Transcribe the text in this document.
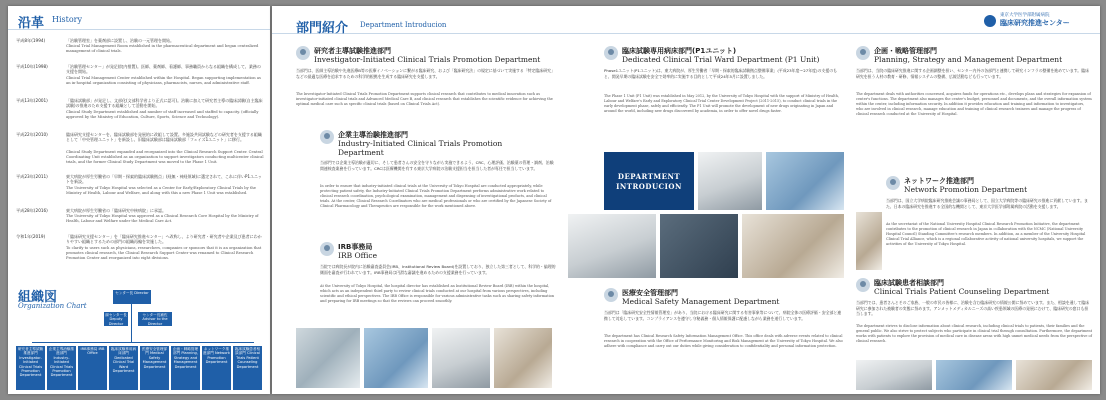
沿革 History
平成8年(1994)	「治験管理室」を薬剤部に設置し、治験の一元管理を開始。
Clinical Trial Management Room established in the pharmaceutical department and began centralized management of clinical trials.
平成10年(1998)	「治験管理センター」が発足(院内措置)。医師、薬剤師、看護師、事務職員からなる組織を構成して、業務の支援を開始。
Clinical Trial Management Center established within the Hospital. Began supporting implementation as an in-hospital organization consisting of physicians, pharmacists, nurses, and administrative staff.
平成13年(2001)	「臨床試験部」が発足し、文部化(文部科学省より正式に認可)。治験に加えて研究者主導の臨床試験(自主臨床試験)の推進のため支援する組織として活動を開始。
Clinical Study Department established and number of staff increased and staffed to capacity. (officially approved by the Ministry of Education, Culture, Sports, Science and Technology).
平成22年(2010)	臨床研究支援センターを、臨床試験部を発展的に改組して設置。多施設共同試験などの研究者を支援する組織として「中央管理ユニット」を新設し、旧臨床試験部は臨床試験部「フェイズ1ユニット」に移行。
Clinical Study Department expanded and reorganized into the Clinical Research Support Center. Central Coordinating Unit established as an organization to support investigators conducting multicenter clinical trials, and the former Clinical Study Department was moved to the Phase 1 Unit.
平成23年(2011)	東大病院が厚生労働省の「早期・探索的臨床試験拠点」(経無・神経領域)に選定されて、これに伴いP1ユニットを新設。
The University of Tokyo Hospital was selected as a Center for Early/Exploratory Clinical Trials by the Ministry of Health, Labour and Welfare, and along with this a new Phase 1 Unit was established.
平成28年(2016)	東大病院が厚生労働省の「臨床研究中核病院」に承認。
The University of Tokyo Hospital was approved as a Clinical Research Core Hospital by the Ministry of Health, Labour and Welfare under the Medical Care Act.
令和1年(2019)	「臨床研究支援センター」を「臨床研究推進センター」へ改称し、より研究者・研究者や企業及び患者にわかりやすい組織とするための部門の組織再編を実施した。
To clarify to users such as physicians, researchers, companies or sponsors that it is an organization that promotes clinical research, the Clinical Research Support Center was renamed to Clinical Research Promotion Center and reorganized into eight divisions.
組織図
Organization Chart
センター長 Director
副センター長 Deputy Director
センター長補佐 Advisor to the Director
研究者主導試験推進部門 Investigator-Initiated Clinical Trials Promotion Department
企業主導治験推進部門 Industry-Initiated Clinical Trials Promotion Department
IRB事務局 IRB Office
臨床試験専用病床部門 Dedicated Clinical Trial Ward Department
医療安全管理部門 Medical Safety Management Department
企画・戦略管理部門 Planning, Strategy and Management Department
ネットワーク推進部門 Network Promotion Department
臨床試験患者相談部門 Clinical Trials Patient Counseling Department
部門紹介 Department Introducion
東京大学医学部附属病院
臨床研究推進センター
研究者主導試験推進部門
Investigator-Initiated Clinical Trials Promotion Department
当部門は、医師主導治験や先進医療B等の医療イノベーションに繋がる臨床研究、および「臨床研究法」の規定に基づいて実施する「特定臨床研究」などの最適な医療を追求するための科学的根拠を生成する臨床研究を支援します。
The Investigator-Initiated Clinical Trials Promotion Department supports clinical research that contributes to medical innovation such as investigator-initiated clinical trials and Advanced Medical Care B, and clinical research that establishes the scientific evidence for achieving the optimal medical care such as specific clinical trials (based on Clinical Trials Act).
企業主導治験推進部門
Industry-Initiated Clinical Trials Promotion Department
当部門では企業主導治験が適切に、そして患者さんの安全を守りながら実施できるよう、CRC、心理評価、治験薬の管理・調剤、治験関連検査業務を行っています。CRCは医療機関を有する東京大学病院の治験支援担当を担当した者が専任で担当しています。
In order to ensure that industry-initiated clinical trials at the University of Tokyo Hospital are conducted appropriately, while protecting patient safety, the Industry-Initiated Clinical Trials Promotion Department performs administrative work related to clinical research coordination, psychological examination, management and dispensing of investigational products, and clinical trials. At the center, Clinical Research Coordinators who are medical professionals or who are certified by the Japanese Society of Clinical Pharmacology and Therapeutics are responsible for the work mentioned above.
IRB事務局
IRB Office
当院では病院長が院内に治験審査委員会(IRB、Institutional Review Board)を設置しており、独立した第三者として、科学的・倫理的側面を審査が行われています。IRB事務局は円滑な審議を進めるための支援業務を行っています。
At the University of Tokyo Hospital, the hospital director has established an Institutional Review Board (IRB) within the hospital, which acts as an independent third party to review clinical trials conducted at our hospital from various perspectives, including scientific and ethical perspectives. The IRB Office is responsible for various administrative tasks such as sharing safety information and preparing for IRB meetings so that the reviews can proceed smoothly.
臨床試験専用病床部門(P1ユニット)
Dedicated Clinical Trial Ward Department (P1 Unit)
Phase1ユニット(P1ユニット)は、東大病院が、厚生労働省「早期・探索的臨床試験拠点整備事業」(平成23年度〜27年度)の支援のもと、開発早期の臨床試験を安全で効率的に実施する目的として平成24年5月に設置しました。
The Phase 1 Unit (P1 Unit) was established in May 2012, by the University of Tokyo Hospital with the support of Ministry of Health, Labour and Welfare's Early and Exploratory Clinical Trial Center Development Project (2011-2015), to conduct clinical trials in the early development phase, safely and efficiently. The P1 Unit will promote the development of new drugs originating in Japan and around the world, including new drugs discovered by academia, in order to offer novel drugs faster.
DEPARTMENT
INTRODUCION
医療安全管理部門
Medical Safety Management Department
当部門は「臨床研究安全性情報管理室」があり、当院における臨床研究に関する有害事象等について、病院全体の医療評価・安全部と連携して対応しています。コンプライアンスを遵守し守秘義務・個人情報保護に配慮しながら業務を遂行しています。
The department has Clinical Research Safety Information Management Office. This office deals with adverse events related to clinical research in cooperation with the Office of Performance Monitoring and Risk Management at the University of Tokyo Hospital. We also adhere with compliance and carry out our duties while giving consideration to confidentiality and personal information protection.
企画・戦略管理部門
Planning, Strategy and Management Department
当部門は、当院の臨床研究推進に関する企画調整を担い、センター内外の各部門と連携して研究インフラの整備を進めています。臨床研究を担う人材の教育・研修、情報システムの整備、広報活動なども行っています。
The department deals with authorities concerned, acquires funds for operations etc., develops plans and strategies for expansion of center's functions. The department also manages the center's budget, personnel and documents, and the overall information system within the center, including information security. In addition it provides education and training and information to investigators, who are involved in clinical research, manage education and training of clinical research trainees and manage the progress of clinical research conducted at the University of Hospital.
ネットワーク推進部門
Network Promotion Department
当部門は、国立大学病院臨床研究推進会議の事務局として、国立大学病院等の臨床研究の推進に貢献しています。また、日本の臨床研究を推進する全国的な機関として、東京大学医学部附属病院の活動を支援します。
As the secretariat of the National University Hospital Clinical Research Promotion Initiative, the department contributes to the promotion of clinical research in Japan in collaboration with the NCMC (National University Hospital Council) Standing Committee's research members. In addition, as a member of the University Hospital Clinical Trial Alliance, which is a regional collaborative activity of national university hospitals, we support the activities of the University of Tokyo Hospital.
臨床試験患者相談部門
Clinical Trials Patient Counseling Department
当部門では、患者さんとそのご家族、一般の市民の皆様に、治験を含む臨床研究の情報公開に努めています。また、相談を通して臨床研究に参加された被験者の実態に努めます。アンメットメディカルニーズの高い疾患領域の医療の発展にむけて、臨床研究の窓口も担当します。
The department strives to disclose information about clinical research, including clinical trials to patients, their families and the general public. We also strive to protect subjects who participate in clinical trial through consultation. Furthermore, the department works with patients to explore the provision of medical care in disease areas with high unmet medical needs from the perspective of clinical research.
